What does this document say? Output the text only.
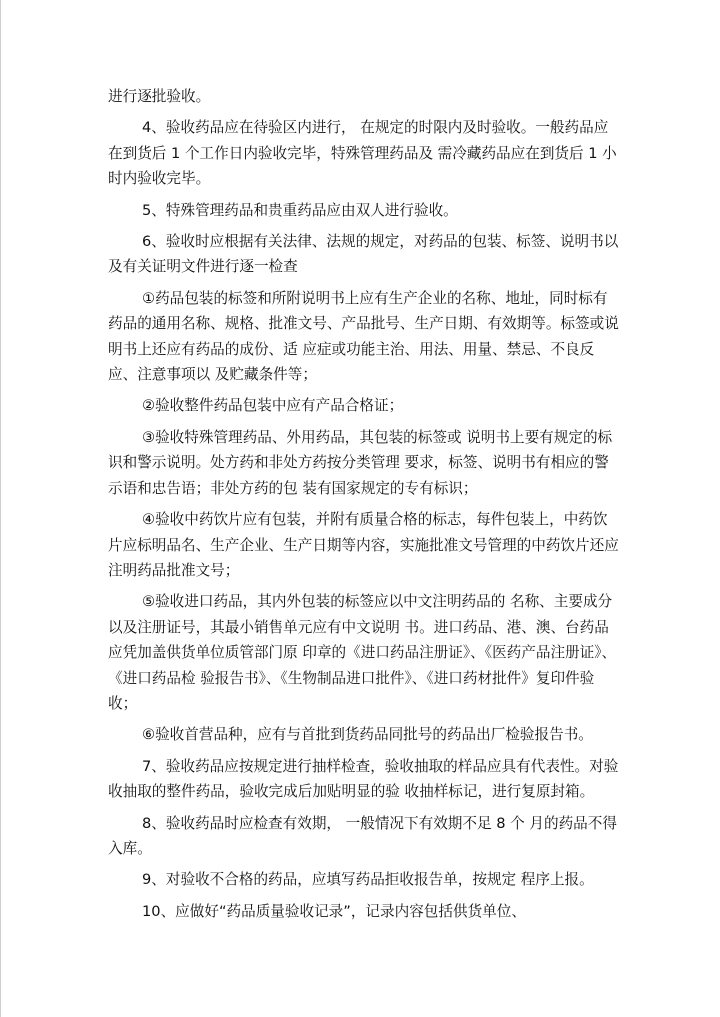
进行逐批验收。

4、验收药品应在待验区内进行， 在规定的时限内及时验收。一般药品应在到货后 1 个工作日内验收完毕，特殊管理药品及 需冷藏药品应在到货后 1 小时内验收完毕。

5、特殊管理药品和贵重药品应由双人进行验收。

6、验收时应根据有关法律、法规的规定，对药品的包装、标签、说明书以及有关证明文件进行逐一检查

①药品包装的标签和所附说明书上应有生产企业的名称、地址，同时标有药品的通用名称、规格、批准文号、产品批号、生产日期、有效期等。标签或说明书上还应有药品的成份、适 应症或功能主治、用法、用量、禁忌、不良反应、注意事项以 及贮藏条件等；

②验收整件药品包装中应有产品合格证；

③验收特殊管理药品、外用药品，其包装的标签或 说明书上要有规定的标识和警示说明。处方药和非处方药按分类管理 要求，标签、说明书有相应的警示语和忠告语；非处方药的包 装有国家规定的专有标识；

④验收中药饮片应有包装，并附有质量合格的标志，每件包装上，中药饮片应标明品名、生产企业、生产日期等内容，实施批准文号管理的中药饮片还应注明药品批准文号；

⑤验收进口药品，其内外包装的标签应以中文注明药品的 名称、主要成分以及注册证号，其最小销售单元应有中文说明 书。进口药品、港、澳、台药品应凭加盖供货单位质管部门原 印章的《进口药品注册证》、《医药产品注册证》、《进口药品检 验报告书》、《生物制品进口批件》、《进口药材批件》复印件验 收；

⑥验收首营品种，应有与首批到货药品同批号的药品出厂检验报告书。

7、验收药品应按规定进行抽样检查，验收抽取的样品应具有代表性。对验收抽取的整件药品，验收完成后加贴明显的验 收抽样标记，进行复原封箱。

8、验收药品时应检查有效期， 一般情况下有效期不足 8 个 月的药品不得入库。

9、对验收不合格的药品，应填写药品拒收报告单，按规定 程序上报。

10、应做好“药品质量验收记录”，记录内容包括供货单位、
